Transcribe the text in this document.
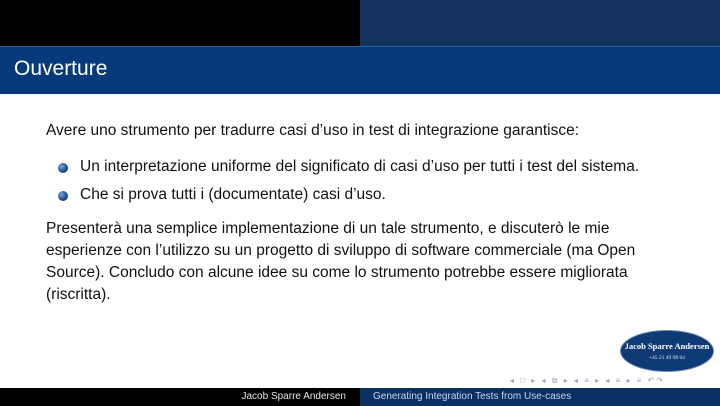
Ouverture

Avere uno strumento per tradurre casi d’uso in test di integrazione garantisce:

Un interpretazione uniforme del significato di casi d’uso per tutti i test del sistema.
Che si prova tutti i (documentate) casi d’uso.

Presenterà una semplice implementazione di un tale strumento, e discuterò le mie esperienze con l’utilizzo su un progetto di sviluppo di software commerciale (ma Open Source). Concludo con alcune idee su come lo strumento potrebbe essere migliorata (riscritta).

Jacob Sparre Andersen
+45 21 49 08 04
◂ □ ▸ ◂ ⧉ ▸ ◂ ≡ ▸ ◂ ≡ ▸ ≡ ↶↷
Jacob Sparre Andersen	Generating Integration Tests from Use-cases
